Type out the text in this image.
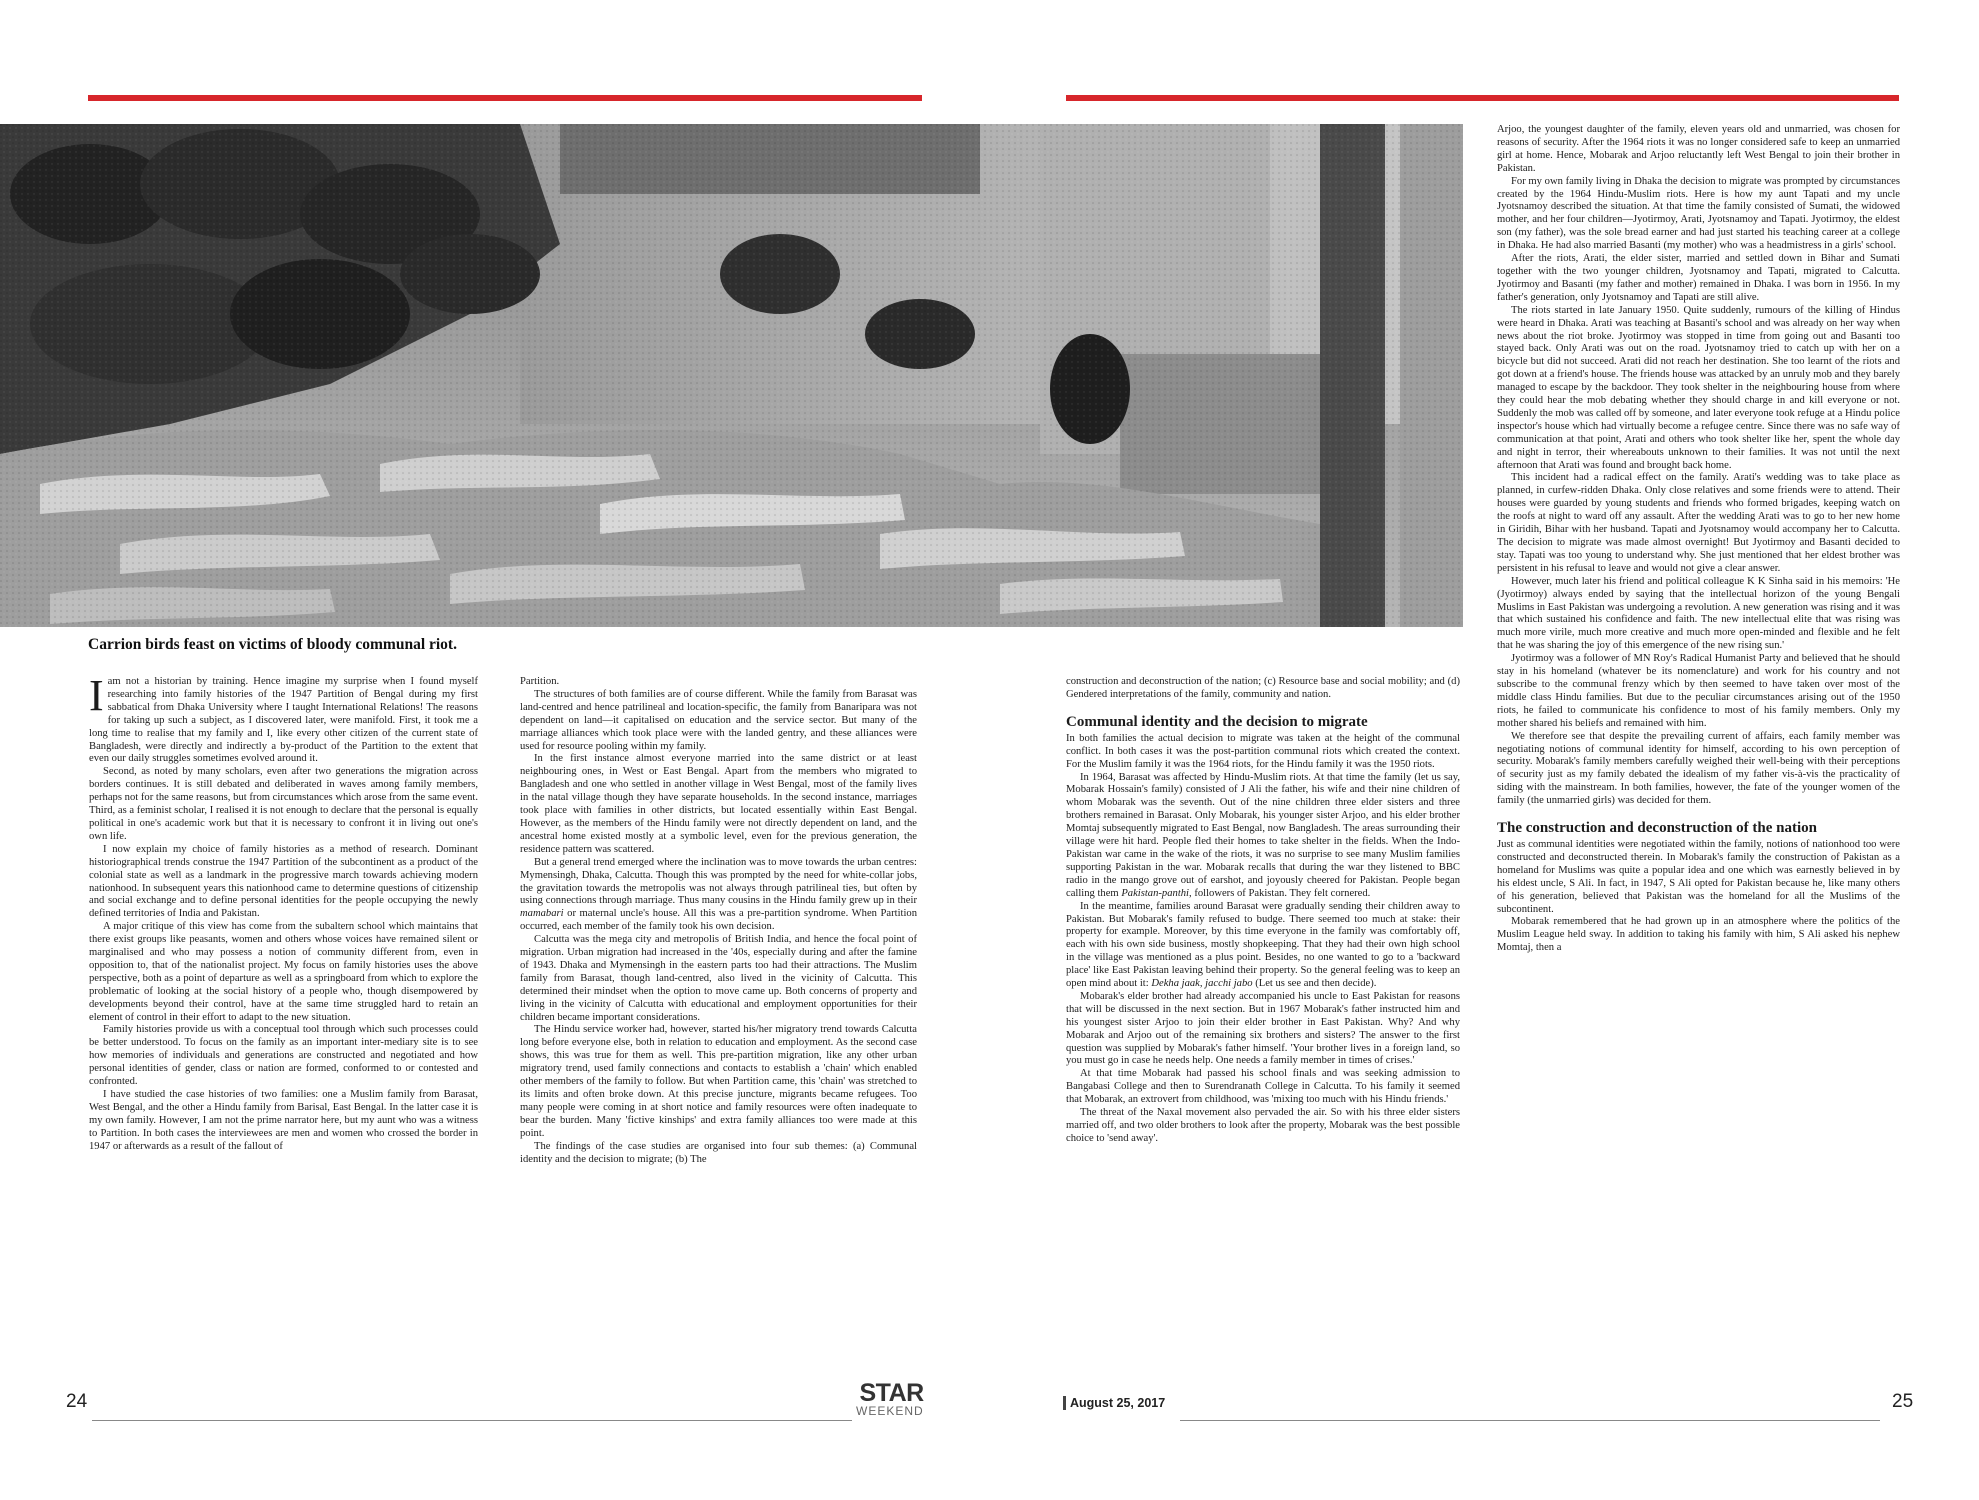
Carrion birds feast on victims of bloody communal riot.

Iam not a historian by training. Hence imagine my surprise when I found myself researching into family histories of the 1947 Partition of Bengal during my first sabbatical from Dhaka University where I taught International Relations! The reasons for taking up such a subject, as I discovered later, were manifold. First, it took me a long time to realise that my family and I, like every other citizen of the current state of Bangladesh, were directly and indirectly a by-product of the Partition to the extent that even our daily struggles sometimes evolved around it.

Second, as noted by many scholars, even after two generations the migration across borders continues. It is still debated and deliberated in waves among family members, perhaps not for the same reasons, but from circumstances which arose from the same event. Third, as a feminist scholar, I realised it is not enough to declare that the personal is equally political in one's academic work but that it is necessary to confront it in living out one's own life.

I now explain my choice of family histories as a method of research. Dominant historiographical trends construe the 1947 Partition of the subcontinent as a product of the colonial state as well as a landmark in the progressive march towards achieving modern nationhood. In subsequent years this nationhood came to determine questions of citizenship and social exchange and to define personal identities for the people occupying the newly defined territories of India and Pakistan.

A major critique of this view has come from the subaltern school which maintains that there exist groups like peasants, women and others whose voices have remained silent or marginalised and who may possess a notion of community different from, even in opposition to, that of the nationalist project. My focus on family histories uses the above perspective, both as a point of departure as well as a springboard from which to explore the problematic of looking at the social history of a people who, though disempowered by developments beyond their control, have at the same time struggled hard to retain an element of control in their effort to adapt to the new situation.

Family histories provide us with a conceptual tool through which such processes could be better understood. To focus on the family as an important inter-mediary site is to see how memories of individuals and generations are constructed and negotiated and how personal identities of gender, class or nation are formed, conformed to or contested and confronted.

I have studied the case histories of two families: one a Muslim family from Barasat, West Bengal, and the other a Hindu family from Barisal, East Bengal. In the latter case it is my own family. However, I am not the prime narrator here, but my aunt who was a witness to Partition. In both cases the interviewees are men and women who crossed the border in 1947 or afterwards as a result of the fallout of

Partition.

The structures of both families are of course different. While the family from Barasat was land-centred and hence patrilineal and location-specific, the family from Banaripara was not dependent on land—it capitalised on education and the service sector. But many of the marriage alliances which took place were with the landed gentry, and these alliances were used for resource pooling within my family.

In the first instance almost everyone married into the same district or at least neighbouring ones, in West or East Bengal. Apart from the members who migrated to Bangladesh and one who settled in another village in West Bengal, most of the family lives in the natal village though they have separate households. In the second instance, marriages took place with families in other districts, but located essentially within East Bengal. However, as the members of the Hindu family were not directly dependent on land, and the ancestral home existed mostly at a symbolic level, even for the previous generation, the residence pattern was scattered.

But a general trend emerged where the inclination was to move towards the urban centres: Mymensingh, Dhaka, Calcutta. Though this was prompted by the need for white-collar jobs, the gravitation towards the metropolis was not always through patrilineal ties, but often by using connections through marriage. Thus many cousins in the Hindu family grew up in their mamabari or maternal uncle's house. All this was a pre-partition syndrome. When Partition occurred, each member of the family took his own decision.

Calcutta was the mega city and metropolis of British India, and hence the focal point of migration. Urban migration had increased in the '40s, especially during and after the famine of 1943. Dhaka and Mymensingh in the eastern parts too had their attractions. The Muslim family from Barasat, though land-centred, also lived in the vicinity of Calcutta. This determined their mindset when the option to move came up. Both concerns of property and living in the vicinity of Calcutta with educational and employment opportunities for their children became important considerations.

The Hindu service worker had, however, started his/her migratory trend towards Calcutta long before everyone else, both in relation to education and employment. As the second case shows, this was true for them as well. This pre-partition migration, like any other urban migratory trend, used family connections and contacts to establish a 'chain' which enabled other members of the family to follow. But when Partition came, this 'chain' was stretched to its limits and often broke down. At this precise juncture, migrants became refugees. Too many people were coming in at short notice and family resources were often inadequate to bear the burden. Many 'fictive kinships' and extra family alliances too were made at this point.

The findings of the case studies are organised into four sub themes: (a) Communal identity and the decision to migrate; (b) The

construction and deconstruction of the nation; (c) Resource base and social mobility; and (d) Gendered interpretations of the family, community and nation.

Communal identity and the decision to migrate

In both families the actual decision to migrate was taken at the height of the communal conflict. In both cases it was the post-partition communal riots which created the context. For the Muslim family it was the 1964 riots, for the Hindu family it was the 1950 riots.

In 1964, Barasat was affected by Hindu-Muslim riots. At that time the family (let us say, Mobarak Hossain's family) consisted of J Ali the father, his wife and their nine children of whom Mobarak was the seventh. Out of the nine children three elder sisters and three brothers remained in Barasat. Only Mobarak, his younger sister Arjoo, and his elder brother Momtaj subsequently migrated to East Bengal, now Bangladesh. The areas surrounding their village were hit hard. People fled their homes to take shelter in the fields. When the Indo-Pakistan war came in the wake of the riots, it was no surprise to see many Muslim families supporting Pakistan in the war. Mobarak recalls that during the war they listened to BBC radio in the mango grove out of earshot, and joyously cheered for Pakistan. People began calling them Pakistan-panthi, followers of Pakistan. They felt cornered.

In the meantime, families around Barasat were gradually sending their children away to Pakistan. But Mobarak's family refused to budge. There seemed too much at stake: their property for example. Moreover, by this time everyone in the family was comfortably off, each with his own side business, mostly shopkeeping. That they had their own high school in the village was mentioned as a plus point. Besides, no one wanted to go to a 'backward place' like East Pakistan leaving behind their property. So the general feeling was to keep an open mind about it: Dekha jaak, jacchi jabo (Let us see and then decide).

Mobarak's elder brother had already accompanied his uncle to East Pakistan for reasons that will be discussed in the next section. But in 1967 Mobarak's father instructed him and his youngest sister Arjoo to join their elder brother in East Pakistan. Why? And why Mobarak and Arjoo out of the remaining six brothers and sisters? The answer to the first question was supplied by Mobarak's father himself. 'Your brother lives in a foreign land, so you must go in case he needs help. One needs a family member in times of crises.'

At that time Mobarak had passed his school finals and was seeking admission to Bangabasi College and then to Surendranath College in Calcutta. To his family it seemed that Mobarak, an extrovert from childhood, was 'mixing too much with his Hindu friends.'

The threat of the Naxal movement also pervaded the air. So with his three elder sisters married off, and two older brothers to look after the property, Mobarak was the best possible choice to 'send away'.

Arjoo, the youngest daughter of the family, eleven years old and unmarried, was chosen for reasons of security. After the 1964 riots it was no longer considered safe to keep an unmarried girl at home. Hence, Mobarak and Arjoo reluctantly left West Bengal to join their brother in Pakistan.

For my own family living in Dhaka the decision to migrate was prompted by circumstances created by the 1964 Hindu-Muslim riots. Here is how my aunt Tapati and my uncle Jyotsnamoy described the situation. At that time the family consisted of Sumati, the widowed mother, and her four children—Jyotirmoy, Arati, Jyotsnamoy and Tapati. Jyotirmoy, the eldest son (my father), was the sole bread earner and had just started his teaching career at a college in Dhaka. He had also married Basanti (my mother) who was a headmistress in a girls' school.

After the riots, Arati, the elder sister, married and settled down in Bihar and Sumati together with the two younger children, Jyotsnamoy and Tapati, migrated to Calcutta. Jyotirmoy and Basanti (my father and mother) remained in Dhaka. I was born in 1956. In my father's generation, only Jyotsnamoy and Tapati are still alive.

The riots started in late January 1950. Quite suddenly, rumours of the killing of Hindus were heard in Dhaka. Arati was teaching at Basanti's school and was already on her way when news about the riot broke. Jyotirmoy was stopped in time from going out and Basanti too stayed back. Only Arati was out on the road. Jyotsnamoy tried to catch up with her on a bicycle but did not succeed. Arati did not reach her destination. She too learnt of the riots and got down at a friend's house. The friends house was attacked by an unruly mob and they barely managed to escape by the backdoor. They took shelter in the neighbouring house from where they could hear the mob debating whether they should charge in and kill everyone or not. Suddenly the mob was called off by someone, and later everyone took refuge at a Hindu police inspector's house which had virtually become a refugee centre. Since there was no safe way of communication at that point, Arati and others who took shelter like her, spent the whole day and night in terror, their whereabouts unknown to their families. It was not until the next afternoon that Arati was found and brought back home.

This incident had a radical effect on the family. Arati's wedding was to take place as planned, in curfew-ridden Dhaka. Only close relatives and some friends were to attend. Their houses were guarded by young students and friends who formed brigades, keeping watch on the roofs at night to ward off any assault. After the wedding Arati was to go to her new home in Giridih, Bihar with her husband. Tapati and Jyotsnamoy would accompany her to Calcutta. The decision to migrate was made almost overnight! But Jyotirmoy and Basanti decided to stay. Tapati was too young to understand why. She just mentioned that her eldest brother was persistent in his refusal to leave and would not give a clear answer.

However, much later his friend and political colleague K K Sinha said in his memoirs: 'He (Jyotirmoy) always ended by saying that the intellectual horizon of the young Bengali Muslims in East Pakistan was undergoing a revolution. A new generation was rising and it was that which sustained his confidence and faith. The new intellectual elite that was rising was much more virile, much more creative and much more open-minded and flexible and he felt that he was sharing the joy of this emergence of the new rising sun.'

Jyotirmoy was a follower of MN Roy's Radical Humanist Party and believed that he should stay in his homeland (whatever be its nomenclature) and work for his country and not subscribe to the communal frenzy which by then seemed to have taken over most of the middle class Hindu families. But due to the peculiar circumstances arising out of the 1950 riots, he failed to communicate his confidence to most of his family members. Only my mother shared his beliefs and remained with him.

We therefore see that despite the prevailing current of affairs, each family member was negotiating notions of communal identity for himself, according to his own perception of security. Mobarak's family members carefully weighed their well-being with their perceptions of security just as my family debated the idealism of my father vis-à-vis the practicality of siding with the mainstream. In both families, however, the fate of the younger women of the family (the unmarried girls) was decided for them.

The construction and deconstruction of the nation

Just as communal identities were negotiated within the family, notions of nationhood too were constructed and deconstructed therein. In Mobarak's family the construction of Pakistan as a homeland for Muslims was quite a popular idea and one which was earnestly believed in by his eldest uncle, S Ali. In fact, in 1947, S Ali opted for Pakistan because he, like many others of his generation, believed that Pakistan was the homeland for all the Muslims of the subcontinent.

Mobarak remembered that he had grown up in an atmosphere where the politics of the Muslim League held sway. In addition to taking his family with him, S Ali asked his nephew Momtaj, then a

24	STAR
WEEKEND
August 25, 2017	25
